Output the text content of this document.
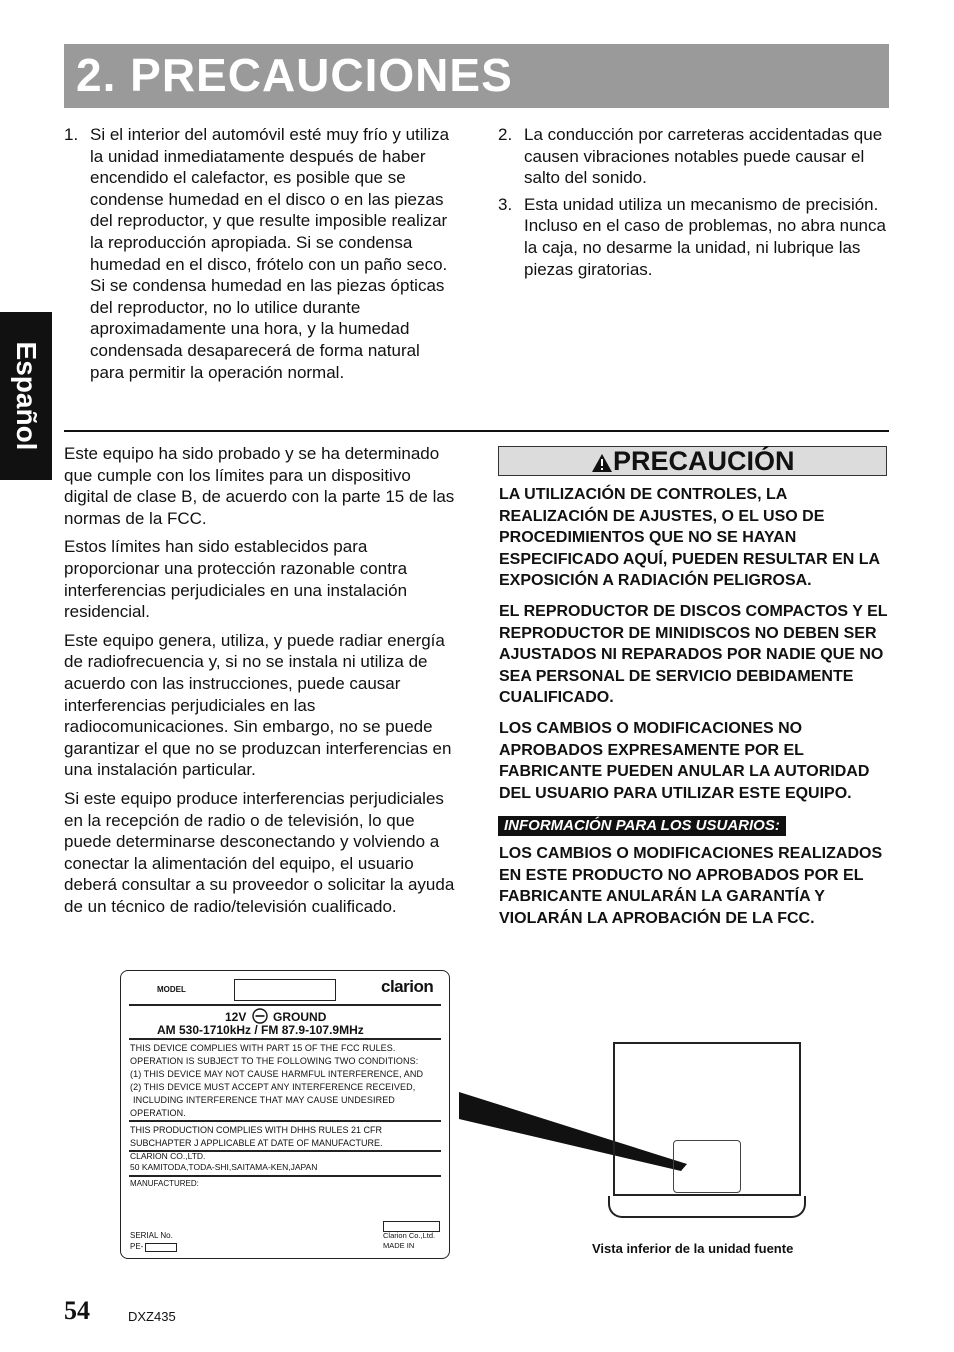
2. PRECAUCIONES
Español
1. Si el interior del automóvil esté muy frío y utiliza la unidad inmediatamente después de haber encendido el calefactor, es posible que se condense humedad en el disco o en las piezas del reproductor, y que resulte imposible realizar la reproducción apropiada. Si se condensa humedad en el disco, frótelo con un paño seco. Si se condensa humedad en las piezas ópticas del reproductor, no lo utilice durante aproximadamente una hora, y la humedad condensada desaparecerá de forma natural para permitir la operación normal.
2. La conducción por carreteras accidentadas que causen vibraciones notables puede causar el salto del sonido.
3. Esta unidad utiliza un mecanismo de precisión. Incluso en el caso de problemas, no abra nunca la caja, no desarme la unidad, ni lubrique las piezas giratorias.

Este equipo ha sido probado y se ha determinado que cumple con los límites para un dispositivo digital de clase B, de acuerdo con la parte 15 de las normas de la FCC.

Estos límites han sido establecidos para proporcionar una protección razonable contra interferencias perjudiciales en una instalación residencial.

Este equipo genera, utiliza, y puede radiar energía de radiofrecuencia y, si no se instala ni utiliza de acuerdo con las instrucciones, puede causar interferencias perjudiciales en las radiocomunicaciones. Sin embargo, no se puede garantizar el que no se produzcan interferencias en una instalación particular.

Si este equipo produce interferencias perjudiciales en la recepción de radio o de televisión, lo que puede determinarse desconectando y volviendo a conectar la alimentación del equipo, el usuario deberá consultar a su proveedor o solicitar la ayuda de un técnico de radio/televisión cualificado.

PRECAUCIÓN

LA UTILIZACIÓN DE CONTROLES, LA REALIZACIÓN DE AJUSTES, O EL USO DE PROCEDIMIENTOS QUE NO SE HAYAN ESPECIFICADO AQUÍ, PUEDEN RESULTAR EN LA EXPOSICIÓN A RADIACIÓN PELIGROSA.

EL REPRODUCTOR DE DISCOS COMPACTOS Y EL REPRODUCTOR DE MINIDISCOS NO DEBEN SER AJUSTADOS NI REPARADOS POR NADIE QUE NO SEA PERSONAL DE SERVICIO DEBIDAMENTE CUALIFICADO.

LOS CAMBIOS O MODIFICACIONES NO APROBADOS EXPRESAMENTE POR EL FABRICANTE PUEDEN ANULAR LA AUTORIDAD DEL USUARIO PARA UTILIZAR ESTE EQUIPO.

INFORMACIÓN PARA LOS USUARIOS:

LOS CAMBIOS O MODIFICACIONES REALIZADOS EN ESTE PRODUCTO NO APROBADOS POR EL FABRICANTE ANULARÁN LA GARANTÍA Y VIOLARÁN LA APROBACIÓN DE LA FCC.

MODEL	clarion
12V GROUND
AM 530-1710kHz / FM 87.9-107.9MHz
THIS DEVICE COMPLIES WITH PART 15 OF THE FCC RULES.
OPERATION IS SUBJECT TO THE FOLLOWING TWO CONDITIONS:
(1) THIS DEVICE MAY NOT CAUSE HARMFUL INTERFERENCE, AND
(2) THIS DEVICE MUST ACCEPT ANY INTERFERENCE RECEIVED,
INCLUDING INTERFERENCE THAT MAY CAUSE UNDESIRED
OPERATION.
THIS PRODUCTION COMPLIES WITH DHHS RULES 21 CFR
SUBCHAPTER J APPLICABLE AT DATE OF MANUFACTURE.
CLARION CO.,LTD.
50 KAMITODA,TODA-SHI,SAITAMA-KEN,JAPAN
MANUFACTURED:
SERIAL No.
PE-
Clarion Co.,Ltd.
MADE IN	Vista inferior de la unidad fuente
54	DXZ435
